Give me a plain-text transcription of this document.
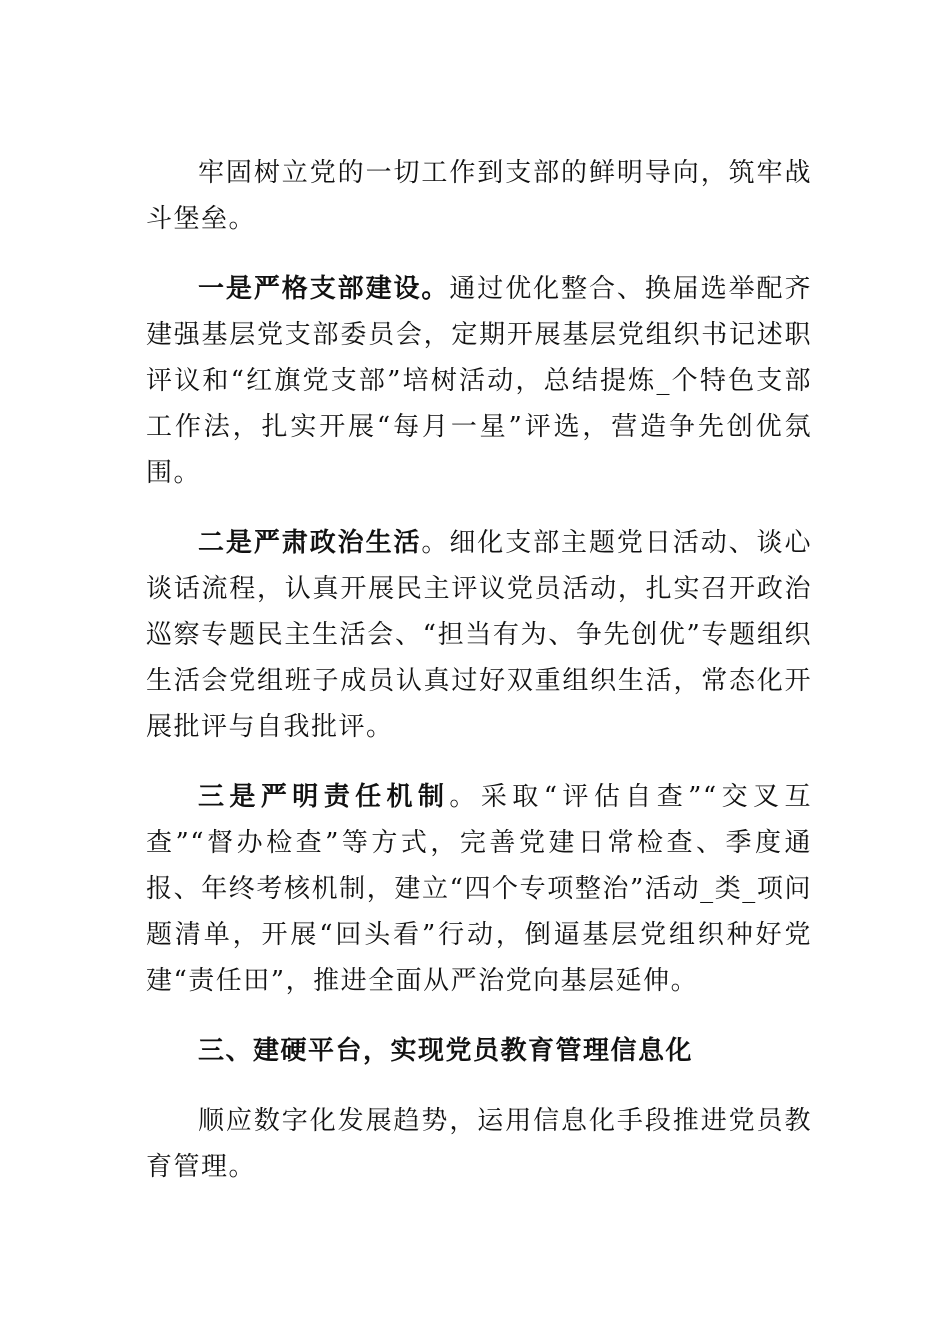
牢固树立党的一切工作到支部的鲜明导向，筑牢战斗堡垒。

一是严格支部建设。通过优化整合、换届选举配齐建强基层党支部委员会，定期开展基层党组织书记述职评议和“红旗党支部”培树活动，总结提炼_个特色支部工作法，扎实开展“每月一星”评选，营造争先创优氛围。

二是严肃政治生活。细化支部主题党日活动、谈心谈话流程，认真开展民主评议党员活动，扎实召开政治巡察专题民主生活会、“担当有为、争先创优”专题组织生活会党组班子成员认真过好双重组织生活，常态化开展批评与自我批评。

三是严明责任机制。采取“评估自查”“交叉互查”“督办检查”等方式，完善党建日常检查、季度通报、年终考核机制，建立“四个专项整治”活动_类_项问题清单，开展“回头看”行动，倒逼基层党组织种好党建“责任田”，推进全面从严治党向基层延伸。

三、建硬平台，实现党员教育管理信息化

顺应数字化发展趋势，运用信息化手段推进党员教育管理。
